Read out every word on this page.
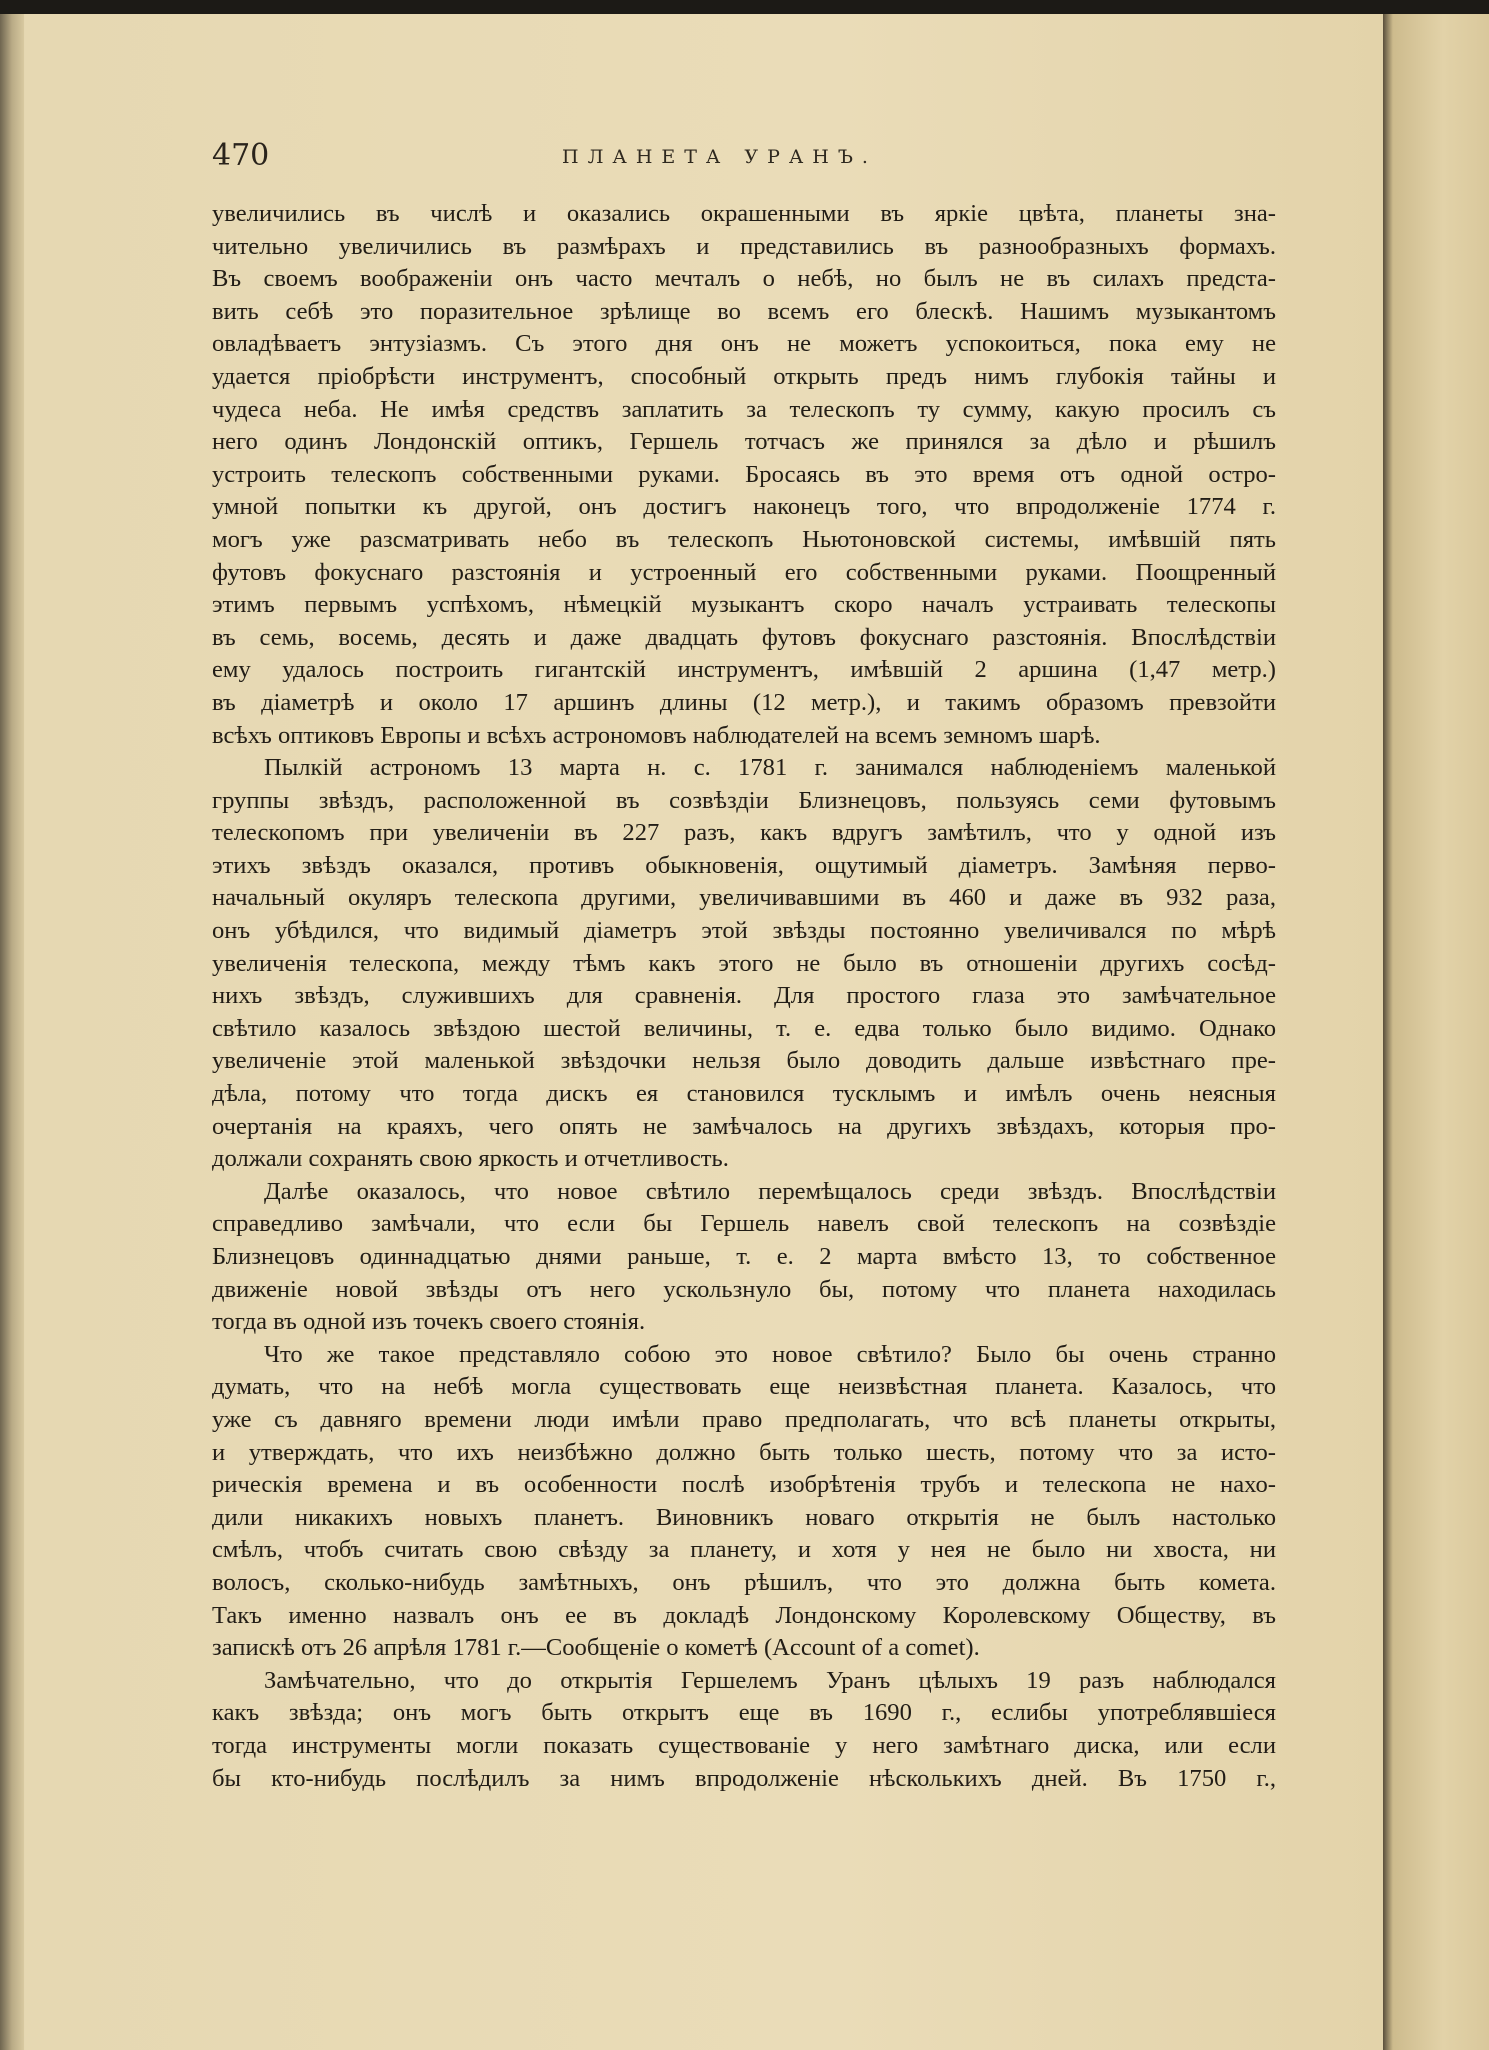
470	ПЛАНЕТА УРАНЪ.
увеличились въ числѣ и оказались окрашенными въ яркіе цвѣта, планеты зна-
чительно увеличились въ размѣрахъ и представились въ разнообразныхъ формахъ.
Въ своемъ воображеніи онъ часто мечталъ о небѣ, но былъ не въ силахъ предста-
вить себѣ это поразительное зрѣлище во всемъ его блескѣ. Нашимъ музыкантомъ
овладѣваетъ энтузіазмъ. Съ этого дня онъ не можетъ успокоиться, пока ему не
удается пріобрѣсти инструментъ, способный открыть предъ нимъ глубокія тайны и
чудеса неба. Не имѣя средствъ заплатить за телескопъ ту сумму, какую просилъ съ
него одинъ Лондонскій оптикъ, Гершель тотчасъ же принялся за дѣло и рѣшилъ
устроить телескопъ собственными руками. Бросаясь въ это время отъ одной остро-
умной попытки къ другой, онъ достигъ наконецъ того, что впродолженіе 1774 г.
могъ уже разсматривать небо въ телескопъ Ньютоновской системы, имѣвшій пять
футовъ фокуснаго разстоянія и устроенный его собственными руками. Поощренный
этимъ первымъ успѣхомъ, нѣмецкій музыкантъ скоро началъ устраивать телескопы
въ семь, восемь, десять и даже двадцать футовъ фокуснаго разстоянія. Впослѣдствіи
ему удалось построить гигантскій инструментъ, имѣвшій 2 аршина (1,47 метр.)
въ діаметрѣ и около 17 аршинъ длины (12 метр.), и такимъ образомъ превзойти
всѣхъ оптиковъ Европы и всѣхъ астрономовъ наблюдателей на всемъ земномъ шарѣ.
Пылкій астрономъ 13 марта н. с. 1781 г. занимался наблюденіемъ маленькой
группы звѣздъ, расположенной въ созвѣздіи Близнецовъ, пользуясь семи футовымъ
телескопомъ при увеличеніи въ 227 разъ, какъ вдругъ замѣтилъ, что у одной изъ
этихъ звѣздъ оказался, противъ обыкновенія, ощутимый діаметръ. Замѣняя перво-
начальный окуляръ телескопа другими, увеличивавшими въ 460 и даже въ 932 раза,
онъ убѣдился, что видимый діаметръ этой звѣзды постоянно увеличивался по мѣрѣ
увеличенія телескопа, между тѣмъ какъ этого не было въ отношеніи другихъ сосѣд-
нихъ звѣздъ, служившихъ для сравненія. Для простого глаза это замѣчательное
свѣтило казалось звѣздою шестой величины, т. е. едва только было видимо. Однако
увеличеніе этой маленькой звѣздочки нельзя было доводить дальше извѣстнаго пре-
дѣла, потому что тогда дискъ ея становился тусклымъ и имѣлъ очень неясныя
очертанія на краяхъ, чего опять не замѣчалось на другихъ звѣздахъ, которыя про-
должали сохранять свою яркость и отчетливость.
Далѣе оказалось, что новое свѣтило перемѣщалось среди звѣздъ. Впослѣдствіи
справедливо замѣчали, что если бы Гершель навелъ свой телескопъ на созвѣздіе
Близнецовъ одиннадцатью днями раньше, т. е. 2 марта вмѣсто 13, то собственное
движеніе новой звѣзды отъ него ускользнуло бы, потому что планета находилась
тогда въ одной изъ точекъ своего стоянія.
Что же такое представляло собою это новое свѣтило? Было бы очень странно
думать, что на небѣ могла существовать еще неизвѣстная планета. Казалось, что
уже съ давняго времени люди имѣли право предполагать, что всѣ планеты открыты,
и утверждать, что ихъ неизбѣжно должно быть только шесть, потому что за исто-
рическія времена и въ особенности послѣ изобрѣтенія трубъ и телескопа не нахо-
дили никакихъ новыхъ планетъ. Виновникъ новаго открытія не былъ настолько
смѣлъ, чтобъ считать свою свѣзду за планету, и хотя у нея не было ни хвоста, ни
волосъ, сколько-нибудь замѣтныхъ, онъ рѣшилъ, что это должна быть комета.
Такъ именно назвалъ онъ ее въ докладѣ Лондонскому Королевскому Обществу, въ
запискѣ отъ 26 апрѣля 1781 г.—Сообщеніе о кометѣ (Account of a comet).
Замѣчательно, что до открытія Гершелемъ Уранъ цѣлыхъ 19 разъ наблюдался
какъ звѣзда; онъ могъ быть открытъ еще въ 1690 г., еслибы употреблявшіеся
тогда инструменты могли показать существованіе у него замѣтнаго диска, или если
бы кто-нибудь послѣдилъ за нимъ впродолженіе нѣсколькихъ дней. Въ 1750 г.,
